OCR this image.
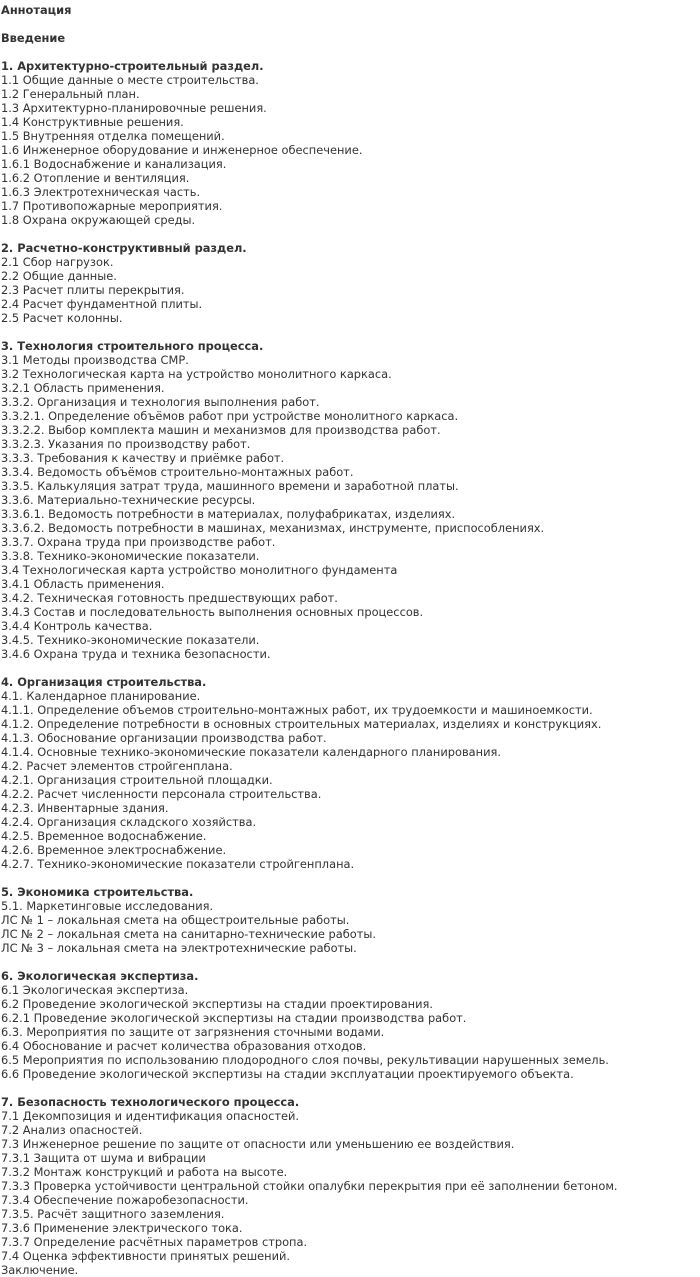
Аннотация
Введение
1. Архитектурно-строительный раздел.
1.1 Общие данные о месте строительства.
1.2 Генеральный план.
1.3 Архитектурно-планировочные решения.
1.4 Конструктивные решения.
1.5 Внутренняя отделка помещений.
1.6 Инженерное оборудование и инженерное обеспечение.
1.6.1 Водоснабжение и канализация.
1.6.2 Отопление и вентиляция.
1.6.3 Электротехническая часть.
1.7 Противопожарные мероприятия.
1.8 Охрана окружающей среды.
2. Расчетно-конструктивный раздел.
2.1 Сбор нагрузок.
2.2 Общие данные.
2.3 Расчет плиты перекрытия.
2.4 Расчет фундаментной плиты.
2.5 Расчет колонны.
3. Технология строительного процесса.
3.1 Методы производства СМР.
3.2 Технологическая карта на устройство монолитного каркаса.
3.2.1 Область применения.
3.3.2. Организация и технология выполнения работ.
3.3.2.1. Определение объёмов работ при устройстве монолитного каркаса.
3.3.2.2. Выбор комплекта машин и механизмов для производства работ.
3.3.2.3. Указания по производству работ.
3.3.3. Требования к качеству и приёмке работ.
3.3.4. Ведомость объёмов строительно-монтажных работ.
3.3.5. Калькуляция затрат труда, машинного времени и заработной платы.
3.3.6. Материально-технические ресурсы.
3.3.6.1. Ведомость потребности в материалах, полуфабрикатах, изделиях.
3.3.6.2. Ведомость потребности в машинах, механизмах, инструменте, приспособлениях.
3.3.7. Охрана труда при производстве работ.
3.3.8. Технико-экономические показатели.
3.4 Технологическая карта устройство монолитного фундамента
3.4.1 Область применения.
3.4.2. Техническая готовность предшествующих работ.
3.4.3 Состав и последовательность выполнения основных процессов.
3.4.4 Контроль качества.
3.4.5. Технико-экономические показатели.
3.4.6 Охрана труда и техника безопасности.
4. Организация строительства.
4.1. Календарное планирование.
4.1.1. Определение объемов строительно-монтажных работ, их трудоемкости и машиноемкости.
4.1.2. Определение потребности в основных строительных материалах, изделиях и конструкциях.
4.1.3. Обоснование организации производства работ.
4.1.4. Основные технико-экономические показатели календарного планирования.
4.2. Расчет элементов стройгенплана.
4.2.1. Организация строительной площадки.
4.2.2. Расчет численности персонала строительства.
4.2.3. Инвентарные здания.
4.2.4. Организация складского хозяйства.
4.2.5. Временное водоснабжение.
4.2.6. Временное электроснабжение.
4.2.7. Технико-экономические показатели стройгенплана.
5. Экономика строительства.
5.1. Маркетинговые исследования.
ЛС № 1 – локальная смета на общестроительные работы.
ЛС № 2 – локальная смета на санитарно-технические работы.
ЛС № 3 – локальная смета на электротехнические работы.
6. Экологическая экспертиза.
6.1 Экологическая экспертиза.
6.2 Проведение экологической экспертизы на стадии проектирования.
6.2.1 Проведение экологической экспертизы на стадии производства работ.
6.3. Мероприятия по защите от загрязнения сточными водами.
6.4 Обоснование и расчет количества образования отходов.
6.5 Мероприятия по использованию плодородного слоя почвы, рекультивации нарушенных земель.
6.6 Проведение экологической экспертизы на стадии эксплуатации проектируемого объекта.
7. Безопасность технологического процесса.
7.1 Декомпозиция и идентификация опасностей.
7.2 Анализ опасностей.
7.3 Инженерное решение по защите от опасности или уменьшению ее воздействия.
7.3.1 Защита от шума и вибрации
7.3.2 Монтаж конструкций и работа на высоте.
7.3.3 Проверка устойчивости центральной стойки опалубки перекрытия при её заполнении бетоном.
7.3.4 Обеспечение пожаробезопасности.
7.3.5. Расчёт защитного заземления.
7.3.6 Применение электрического тока.
7.3.7 Определение расчётных параметров стропа.
7.4 Оценка эффективности принятых решений.
Заключение.
